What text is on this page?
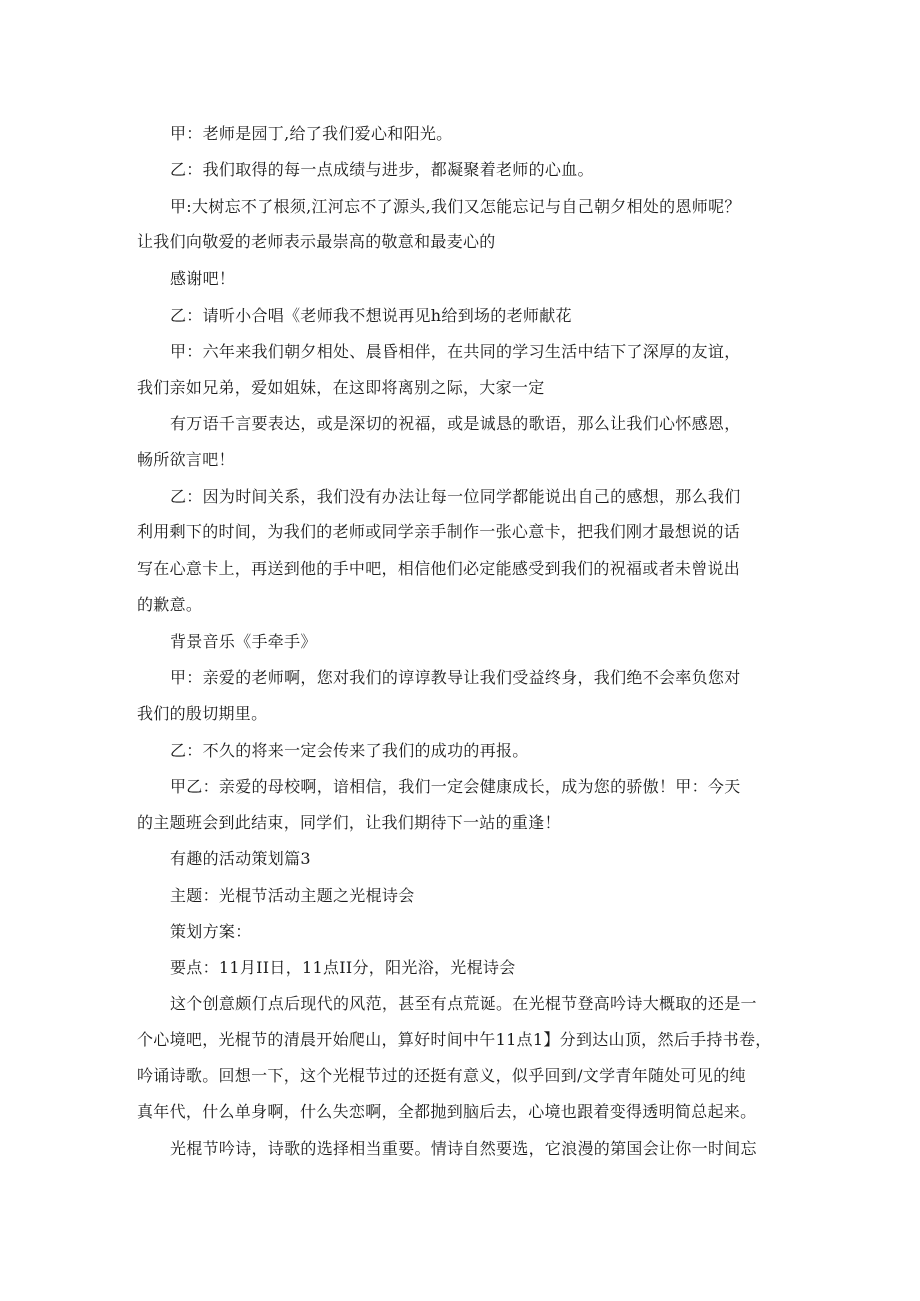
甲：老师是园丁,给了我们爱心和阳光。
乙：我们取得的每一点成绩与进步，都凝聚着老师的心血。
甲:大树忘不了根须,江河忘不了源头,我们又怎能忘记与自己朝夕相处的恩师呢？
让我们向敬爱的老师表示最崇高的敬意和最麦心的
感谢吧！
乙：请听小合唱《老师我不想说再见h给到场的老师献花
甲：六年来我们朝夕相处、晨昏相伴，在共同的学习生活中结下了深厚的友谊，
我们亲如兄弟，爱如姐妹，在这即将离别之际，大家一定
有万语千言要表达，或是深切的祝福，或是诚恳的歌语，那么让我们心怀感恩，
畅所欲言吧！
乙：因为时间关系，我们没有办法让每一位同学都能说出自己的感想，那么我们
利用剩下的时间，为我们的老师或同学亲手制作一张心意卡，把我们刚才最想说的话
写在心意卡上，再送到他的手中吧，相信他们必定能感受到我们的祝福或者未曾说出
的歉意。
背景音乐《手牵手》
甲：亲爱的老师啊，您对我们的谆谆教导让我们受益终身，我们绝不会率负您对
我们的殷切期里。
乙：不久的将来一定会传来了我们的成功的再报。
甲乙：亲爱的母校啊，谙相信，我们一定会健康成长，成为您的骄傲！甲：今天
的主题班会到此结束，同学们，让我们期待下一站的重逢！
有趣的活动策划篇3
主题：光棍节活动主题之光棍诗会
策划方案：
要点：11月II日，11点II分，阳光浴，光棍诗会
这个创意颇仃点后现代的风范，甚至有点荒诞。在光棍节登高吟诗大概取的还是一
个心境吧，光棍节的清晨开始爬山，算好时间中午11点1】分到达山顶，然后手持书卷，
吟诵诗歌。回想一下，这个光棍节过的还挺有意义，似乎回到/文学青年随处可见的纯
真年代，什么单身啊，什么失恋啊，全都抛到脑后去，心境也跟着变得透明简总起来。
光棍节吟诗，诗歌的选择相当重要。情诗自然要选，它浪漫的第国会让你一时间忘
